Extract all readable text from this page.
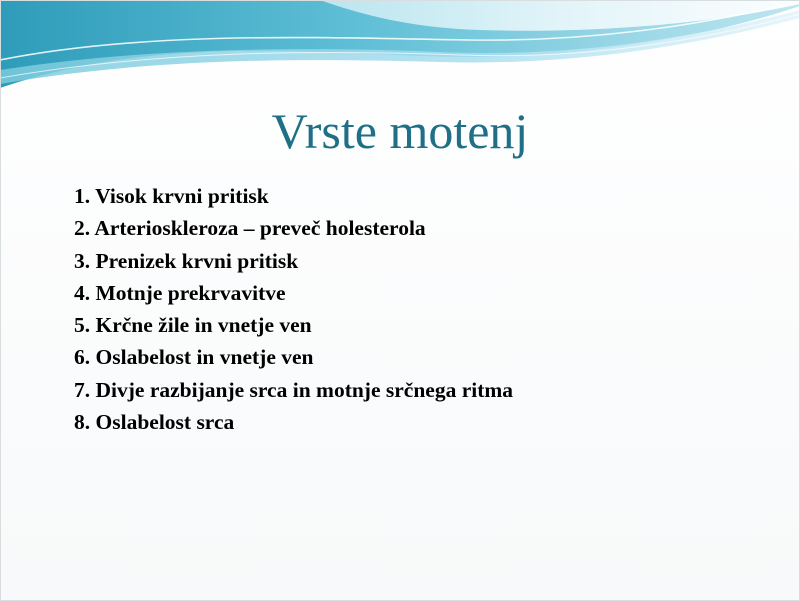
Vrste motenj
1. Visok krvni pritisk
2. Arterioskleroza – preveč holesterola
3. Prenizek krvni pritisk
4. Motnje prekrvavitve
5. Krčne žile in vnetje ven
6. Oslabelost in vnetje ven
7. Divje razbijanje srca in motnje srčnega ritma
8. Oslabelost srca
